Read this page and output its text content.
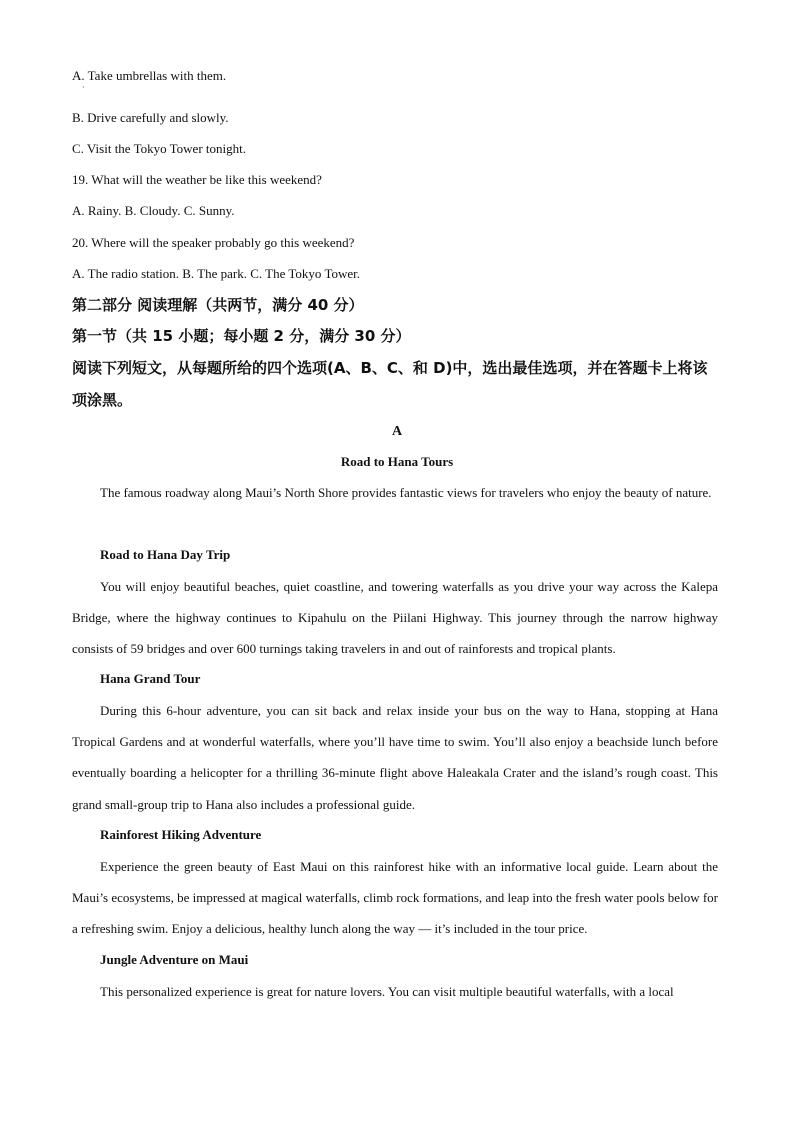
A. Take umbrellas with them.
·
B. Drive carefully and slowly.
C. Visit the Tokyo Tower tonight.
19. What will the weather be like this weekend?
A. Rainy. B. Cloudy. C. Sunny.
20. Where will the speaker probably go this weekend?
A. The radio station. B. The park. C. The Tokyo Tower.
第二部分 阅读理解（共两节，满分 40 分）
第一节（共 15 小题；每小题 2 分，满分 30 分）
阅读下列短文，从每题所给的四个选项(A、B、C、和 D)中，选出最佳选项，并在答题卡上将该项涂黑。
A
Road to Hana Tours
The famous roadway along Maui’s North Shore provides fantastic views for travelers who enjoy the beauty of nature.
Road to Hana Day Trip
You will enjoy beautiful beaches, quiet coastline, and towering waterfalls as you drive your way across the Kalepa Bridge, where the highway continues to Kipahulu on the Piilani Highway. This journey through the narrow highway consists of 59 bridges and over 600 turnings taking travelers in and out of rainforests and tropical plants.
Hana Grand Tour
During this 6-hour adventure, you can sit back and relax inside your bus on the way to Hana, stopping at Hana Tropical Gardens and at wonderful waterfalls, where you’ll have time to swim. You’ll also enjoy a beachside lunch before eventually boarding a helicopter for a thrilling 36-minute flight above Haleakala Crater and the island’s rough coast. This grand small-group trip to Hana also includes a professional guide.
Rainforest Hiking Adventure
Experience the green beauty of East Maui on this rainforest hike with an informative local guide. Learn about the Maui’s ecosystems, be impressed at magical waterfalls, climb rock formations, and leap into the fresh water pools below for a refreshing swim. Enjoy a delicious, healthy lunch along the way — it’s included in the tour price.
Jungle Adventure on Maui
This personalized experience is great for nature lovers. You can visit multiple beautiful waterfalls, with a local
